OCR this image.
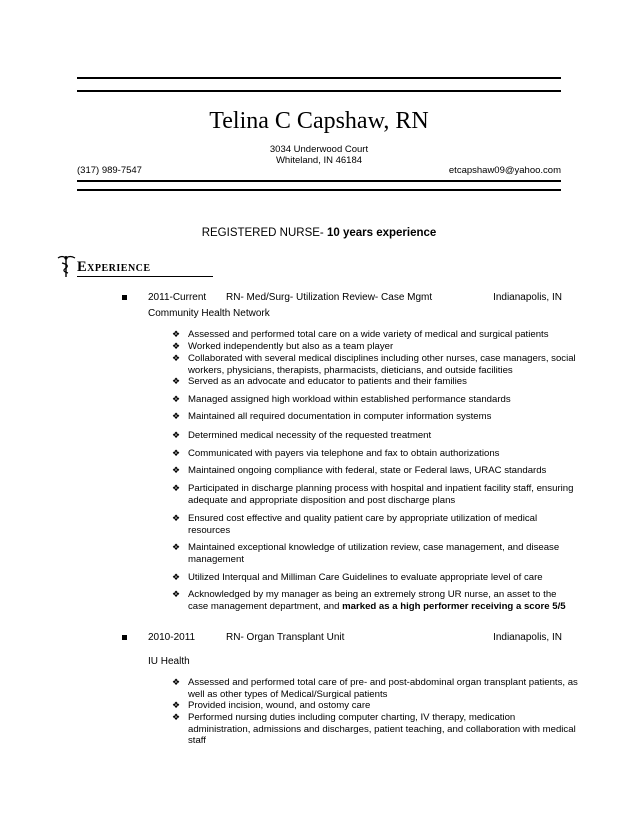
Telina C Capshaw, RN
3034 Underwood Court
Whiteland, IN 46184
(317) 989-7547	etcapshaw09@yahoo.com
REGISTERED NURSE- 10 years experience
Experience
2011-Current RN- Med/Surg- Utilization Review- Case Mgmt	Indianapolis, IN
Community Health Network
❖ Assessed and performed total care on a wide variety of medical and surgical patients
❖ Worked independently but also as a team player
❖ Collaborated with several medical disciplines including other nurses, case managers, social workers, physicians, therapists, pharmacists, dieticians, and outside facilities
❖ Served as an advocate and educator to patients and their families
❖ Managed assigned high workload within established performance standards
❖ Maintained all required documentation in computer information systems
❖ Determined medical necessity of the requested treatment
❖ Communicated with payers via telephone and fax to obtain authorizations
❖ Maintained ongoing compliance with federal, state or Federal laws, URAC standards
❖ Participated in discharge planning process with hospital and inpatient facility staff, ensuring adequate and appropriate disposition and post discharge plans
❖ Ensured cost effective and quality patient care by appropriate utilization of medical resources
❖ Maintained exceptional knowledge of utilization review, case management, and disease management
❖ Utilized Interqual and Milliman Care Guidelines to evaluate appropriate level of care
❖ Acknowledged by my manager as being an extremely strong UR nurse, an asset to the case management department, and marked as a high performer receiving a score 5/5
2010-2011	RN- Organ Transplant Unit	Indianapolis, IN
IU Health
❖ Assessed and performed total care of pre- and post-abdominal organ transplant patients, as well as other types of Medical/Surgical patients
❖ Provided incision, wound, and ostomy care
❖ Performed nursing duties including computer charting, IV therapy, medication administration, admissions and discharges, patient teaching, and collaboration with medical staff
